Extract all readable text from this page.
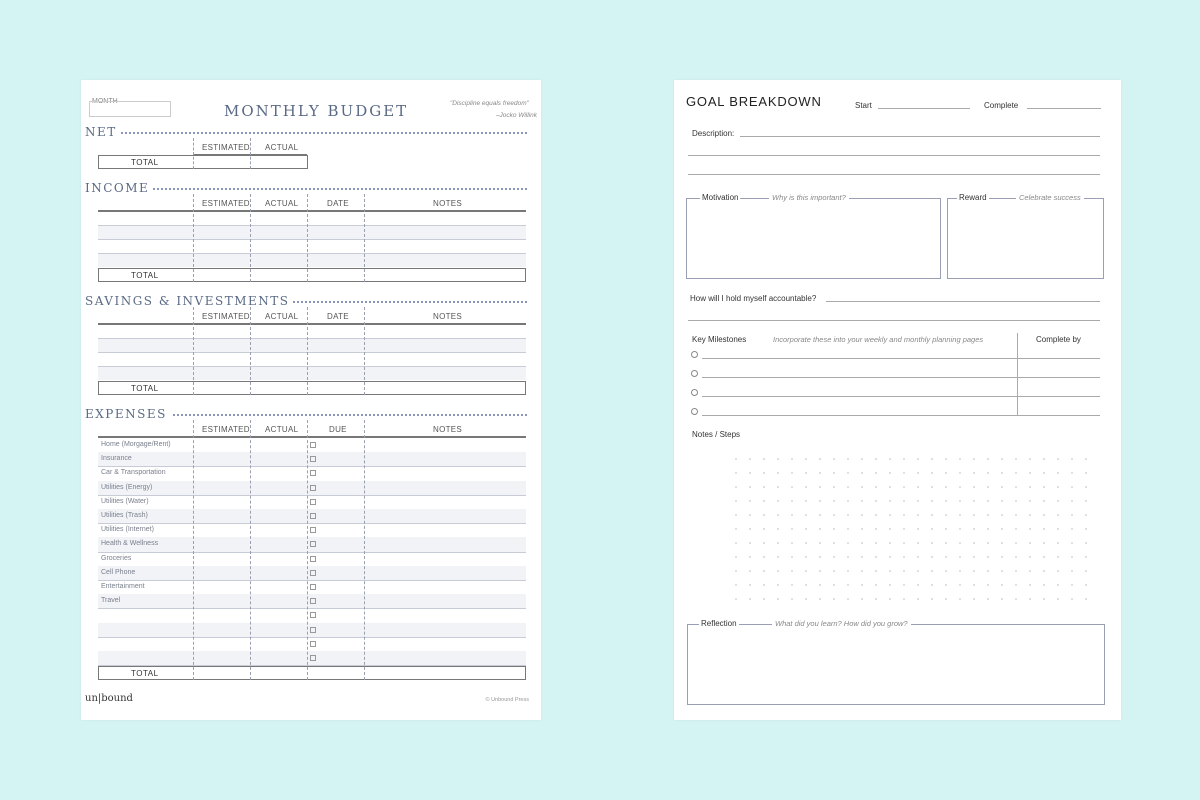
MONTH
MONTHLY BUDGET	"Discipline equals freedom"
–Jocko Willink
NET
ESTIMATED ACTUAL
TOTAL
INCOME
ESTIMATED ACTUAL	DATE	NOTES
TOTAL
SAVINGS & INVESTMENTS
ESTIMATED ACTUAL	DATE	NOTES
TOTAL
EXPENSES
ESTIMATED ACTUAL	DUE	NOTES
Home (Morgage/Rent)
Insurance
Car & Transportation
Utilities (Energy)
Utilities (Water)
Utilities (Trash)
Utilities (Internet)
Health & Wellness
Groceries
Cell Phone
Entertainment
Travel
TOTAL
un|bound	© Unbound Press
GOAL BREAKDOWN	Start	Complete
Description:
Motivation	Why is this important?	Reward	Celebrate success
How will I hold myself accountable?
Key Milestones	Incorporate these into your weekly and monthly planning pages	Complete by
Notes / Steps
Reflection	What did you learn? How did you grow?
